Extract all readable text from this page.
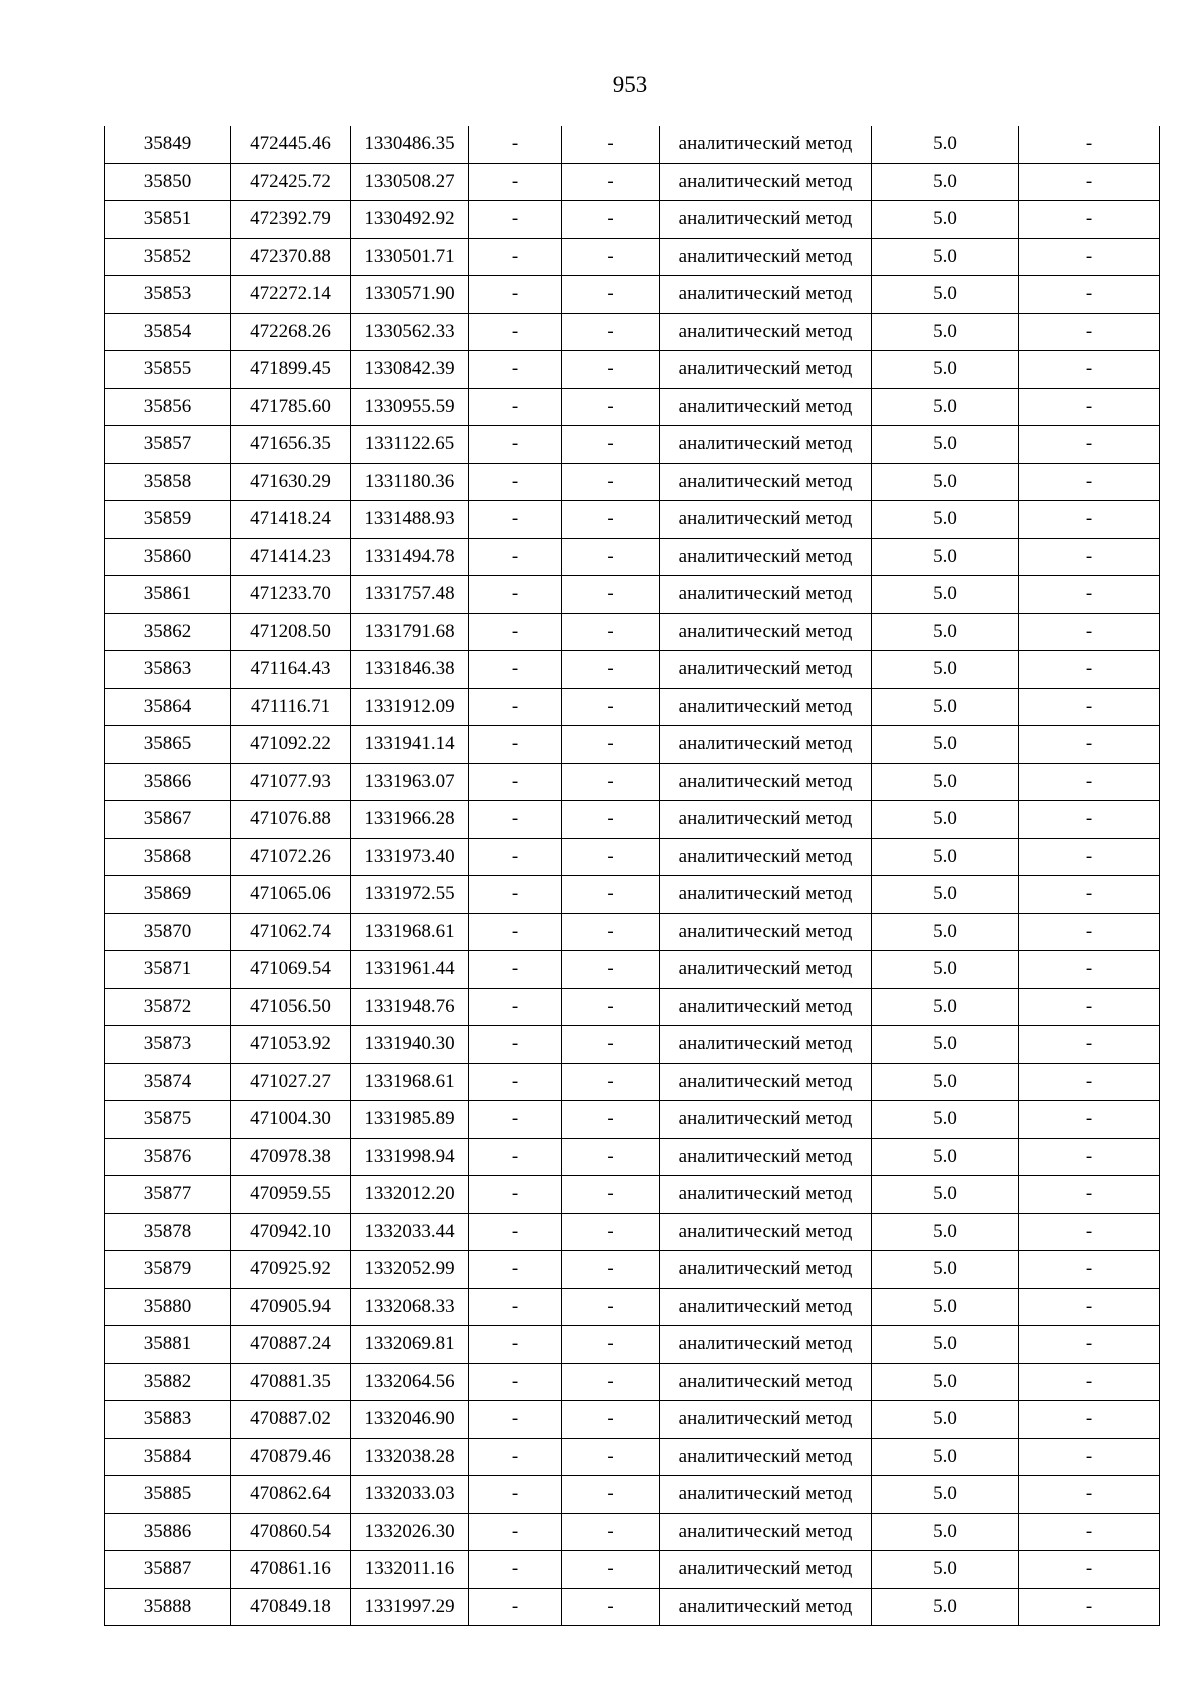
953
35849	472445.46	1330486.35	-	-	аналитический метод	5.0	-
35850	472425.72	1330508.27	-	-	аналитический метод	5.0	-
35851	472392.79	1330492.92	-	-	аналитический метод	5.0	-
35852	472370.88	1330501.71	-	-	аналитический метод	5.0	-
35853	472272.14	1330571.90	-	-	аналитический метод	5.0	-
35854	472268.26	1330562.33	-	-	аналитический метод	5.0	-
35855	471899.45	1330842.39	-	-	аналитический метод	5.0	-
35856	471785.60	1330955.59	-	-	аналитический метод	5.0	-
35857	471656.35	1331122.65	-	-	аналитический метод	5.0	-
35858	471630.29	1331180.36	-	-	аналитический метод	5.0	-
35859	471418.24	1331488.93	-	-	аналитический метод	5.0	-
35860	471414.23	1331494.78	-	-	аналитический метод	5.0	-
35861	471233.70	1331757.48	-	-	аналитический метод	5.0	-
35862	471208.50	1331791.68	-	-	аналитический метод	5.0	-
35863	471164.43	1331846.38	-	-	аналитический метод	5.0	-
35864	471116.71	1331912.09	-	-	аналитический метод	5.0	-
35865	471092.22	1331941.14	-	-	аналитический метод	5.0	-
35866	471077.93	1331963.07	-	-	аналитический метод	5.0	-
35867	471076.88	1331966.28	-	-	аналитический метод	5.0	-
35868	471072.26	1331973.40	-	-	аналитический метод	5.0	-
35869	471065.06	1331972.55	-	-	аналитический метод	5.0	-
35870	471062.74	1331968.61	-	-	аналитический метод	5.0	-
35871	471069.54	1331961.44	-	-	аналитический метод	5.0	-
35872	471056.50	1331948.76	-	-	аналитический метод	5.0	-
35873	471053.92	1331940.30	-	-	аналитический метод	5.0	-
35874	471027.27	1331968.61	-	-	аналитический метод	5.0	-
35875	471004.30	1331985.89	-	-	аналитический метод	5.0	-
35876	470978.38	1331998.94	-	-	аналитический метод	5.0	-
35877	470959.55	1332012.20	-	-	аналитический метод	5.0	-
35878	470942.10	1332033.44	-	-	аналитический метод	5.0	-
35879	470925.92	1332052.99	-	-	аналитический метод	5.0	-
35880	470905.94	1332068.33	-	-	аналитический метод	5.0	-
35881	470887.24	1332069.81	-	-	аналитический метод	5.0	-
35882	470881.35	1332064.56	-	-	аналитический метод	5.0	-
35883	470887.02	1332046.90	-	-	аналитический метод	5.0	-
35884	470879.46	1332038.28	-	-	аналитический метод	5.0	-
35885	470862.64	1332033.03	-	-	аналитический метод	5.0	-
35886	470860.54	1332026.30	-	-	аналитический метод	5.0	-
35887	470861.16	1332011.16	-	-	аналитический метод	5.0	-
35888	470849.18	1331997.29	-	-	аналитический метод	5.0	-
